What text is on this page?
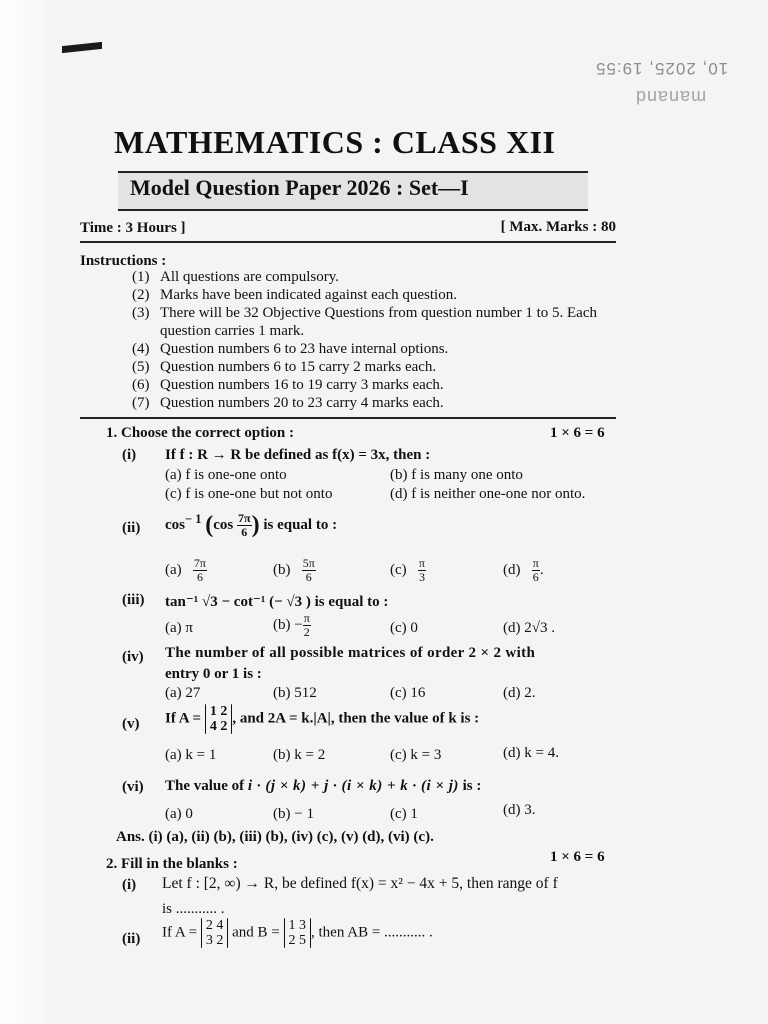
10, 2025, 19:55
manand
MATHEMATICS : CLASS XII
Model Question Paper 2026 : Set—I
Time : 3 Hours ]	[ Max. Marks : 80
Instructions :
(1) All questions are compulsory.
(2) Marks have been indicated against each question.
(3) There will be 32 Objective Questions from question number 1 to 5. Each question carries 1 mark.
(4) Question numbers 6 to 23 have internal options.
(5) Question numbers 6 to 15 carry 2 marks each.
(6) Question numbers 16 to 19 carry 3 marks each.
(7) Question numbers 20 to 23 carry 4 marks each.
1. Choose the correct option :	1 × 6 = 6
(i) If f : R → R be defined as f(x) = 3x, then :
(a) f is one-one onto	(b) f is many one onto
(c) f is one-one but not onto	(d) f is neither one-one nor onto.
(ii) $\cos^{- 1} (\cos \frac{7\pi}{6}$ ) is equal to :
$(a) \frac{7\pi}{6}$	$(b) \frac{5\pi}{6}$	$(c) \frac{\pi}{3}$	$(d) \frac{\pi}{6}$ .
(iii) tan⁻¹ √3 − cot⁻¹ (− √3 ) is equal to :
(a) π	$(b) - \frac{\pi}{2}$	(c) 0	(d) 2√3 .
(iv) The number of all possible matrices of order 2 × 2 with
entry 0 or 1 is :
(a) 27	(b) 512	(c) 16	(d) 2.
(v) If A = 1 2
4 2
, and 2A = k.|A|, then the value of k is :
(a) k = 1	(b) k = 2	(c) k = 3	(d) k = 4.
(vi) The value of i · (j × k) + j · (i × k) + k · (i × j) is :
(a) 0	(b) − 1	(c) 1	(d) 3.
Ans. (i) (a), (ii) (b), (iii) (b), (iv) (c), (v) (d), (vi) (c).
2. Fill in the blanks :	1 × 6 = 6
(i) Let f : [2, ∞) → R, be defined f(x) = x² − 4x + 5, then range of f
is ........... .
(ii) If A = 2 4
3 2
and B = 1 3
2 5
, then AB = ........... .
